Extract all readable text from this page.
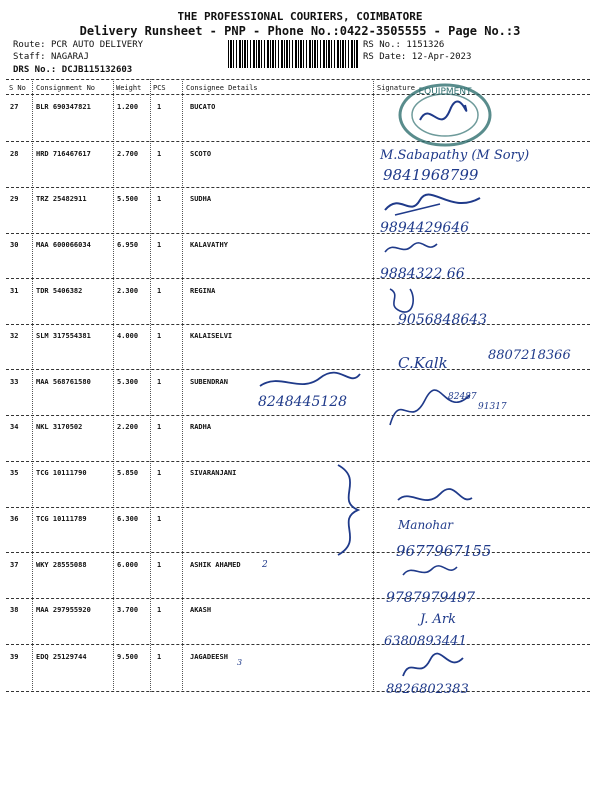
THE PROFESSIONAL COURIERS, COIMBATORE
Delivery Runsheet - PNP - Phone No.:0422-3505555 - Page No.:3
Route: PCR AUTO DELIVERY
Staff: NAGARAJ
DRS No.: DCJB115132603
RS No.: 1151326
RS Date: 12-Apr-2023
S No Consignment No	Weight PCS	Consignee Details	Signature
27	BLR 690347821	1.200	1	BUCATO
28	HRD 716467617	2.700	1	SCOTO
29	TRZ 25482911	5.500	1	SUDHA
30	MAA 600066034	6.950	1	KALAVATHY
31	TDR 5406382	2.300	1	REGINA
32	SLM 317554381	4.000	1	KALAISELVI
33	MAA 568761580	5.300	1	SUBENDRAN
34	NKL 3170502	2.200	1	RADHA
35	TCG 10111790	5.850	1	SIVARANJANI
36	TCG 10111789	6.300	1
37	WKY 28555088	6.000	1	ASHIK AHAMED
38	MAA 297955920	3.700	1	AKASH
39	EDQ 25129744	9.500	1	JAGADEESH
2
3
EQUIPMENT
M.Sabapathy (M Sory)
9841968799
9894429646
9884322 66
9056848643
C.Kalk	8807218366
8248445128	82487
91317
Manohar
9677967155
9787979497
J. Ark
6380893441
8826802383
